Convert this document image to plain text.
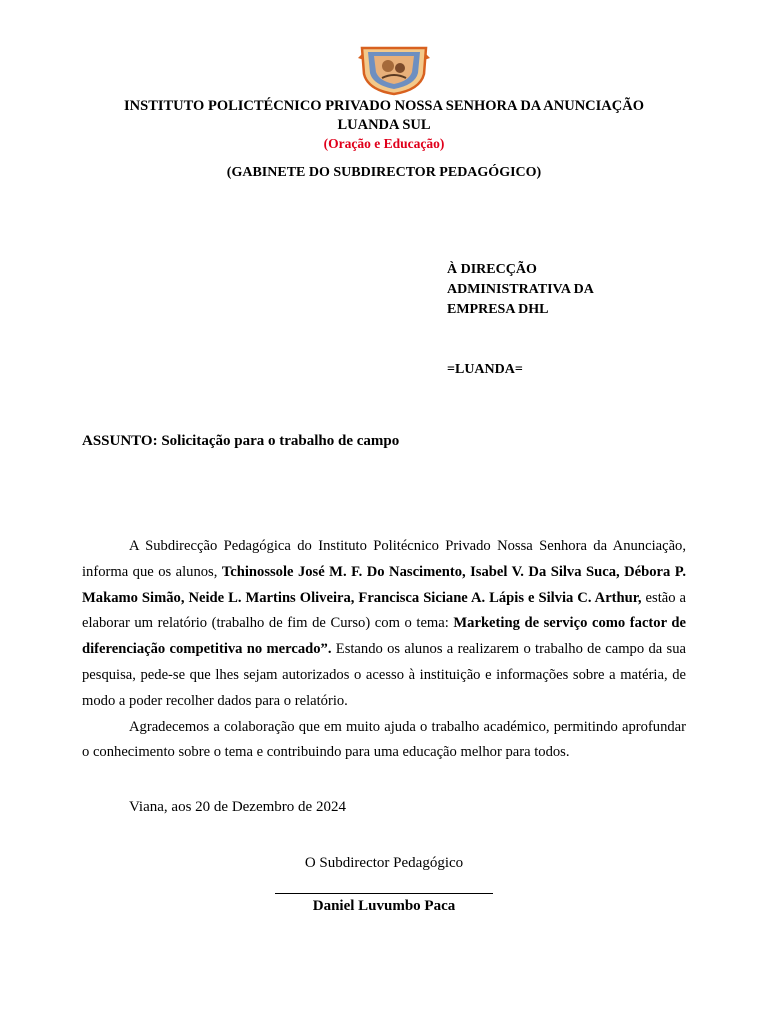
INSTITUTO POLICTÉCNICO PRIVADO NOSSA SENHORA DA ANUNCIAÇÃO
LUANDA SUL
(Oração e Educação)
(GABINETE DO SUBDIRECTOR PEDAGÓGICO)
À DIRECÇÃO
ADMINISTRATIVA DA
EMPRESA DHL
=LUANDA=
ASSUNTO: Solicitação para o trabalho de campo

A Subdirecção Pedagógica do Instituto Politécnico Privado Nossa Senhora da Anunciação, informa que os alunos, Tchinossole José M. F. Do Nascimento, Isabel V. Da Silva Suca, Débora P. Makamo Simão, Neide L. Martins Oliveira, Francisca Siciane A. Lápis e Silvia C. Arthur, estão a elaborar um relatório (trabalho de fim de Curso) com o tema: Marketing de serviço como factor de diferenciação competitiva no mercado”. Estando os alunos a realizarem o trabalho de campo da sua pesquisa, pede-se que lhes sejam autorizados o acesso à instituição e informações sobre a matéria, de modo a poder recolher dados para o relatório.

Agradecemos a colaboração que em muito ajuda o trabalho académico, permitindo aprofundar o conhecimento sobre o tema e contribuindo para uma educação melhor para todos.

Viana, aos 20 de Dezembro de 2024
O Subdirector Pedagógico
Daniel Luvumbo Paca
